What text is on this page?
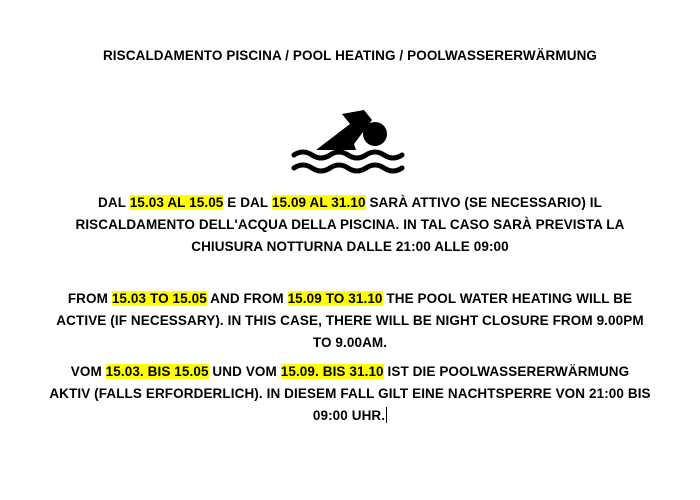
RISCALDAMENTO PISCINA / POOL HEATING / POOLWASSERERWÄRMUNG
DAL 15.03 AL 15.05 E DAL 15.09 AL 31.10 SARÀ ATTIVO (SE NECESSARIO) IL
RISCALDAMENTO DELL'ACQUA DELLA PISCINA. IN TAL CASO SARÀ PREVISTA LA
CHIUSURA NOTTURNA DALLE 21:00 ALLE 09:00
FROM 15.03 TO 15.05 AND FROM 15.09 TO 31.10 THE POOL WATER HEATING WILL BE
ACTIVE (IF NECESSARY). IN THIS CASE, THERE WILL BE NIGHT CLOSURE FROM 9.00PM
TO 9.00AM.
VOM 15.03. BIS 15.05 UND VOM 15.09. BIS 31.10 IST DIE POOLWASSERERWÄRMUNG
AKTIV (FALLS ERFORDERLICH). IN DIESEM FALL GILT EINE NACHTSPERRE VON 21:00 BIS
09:00 UHR.
